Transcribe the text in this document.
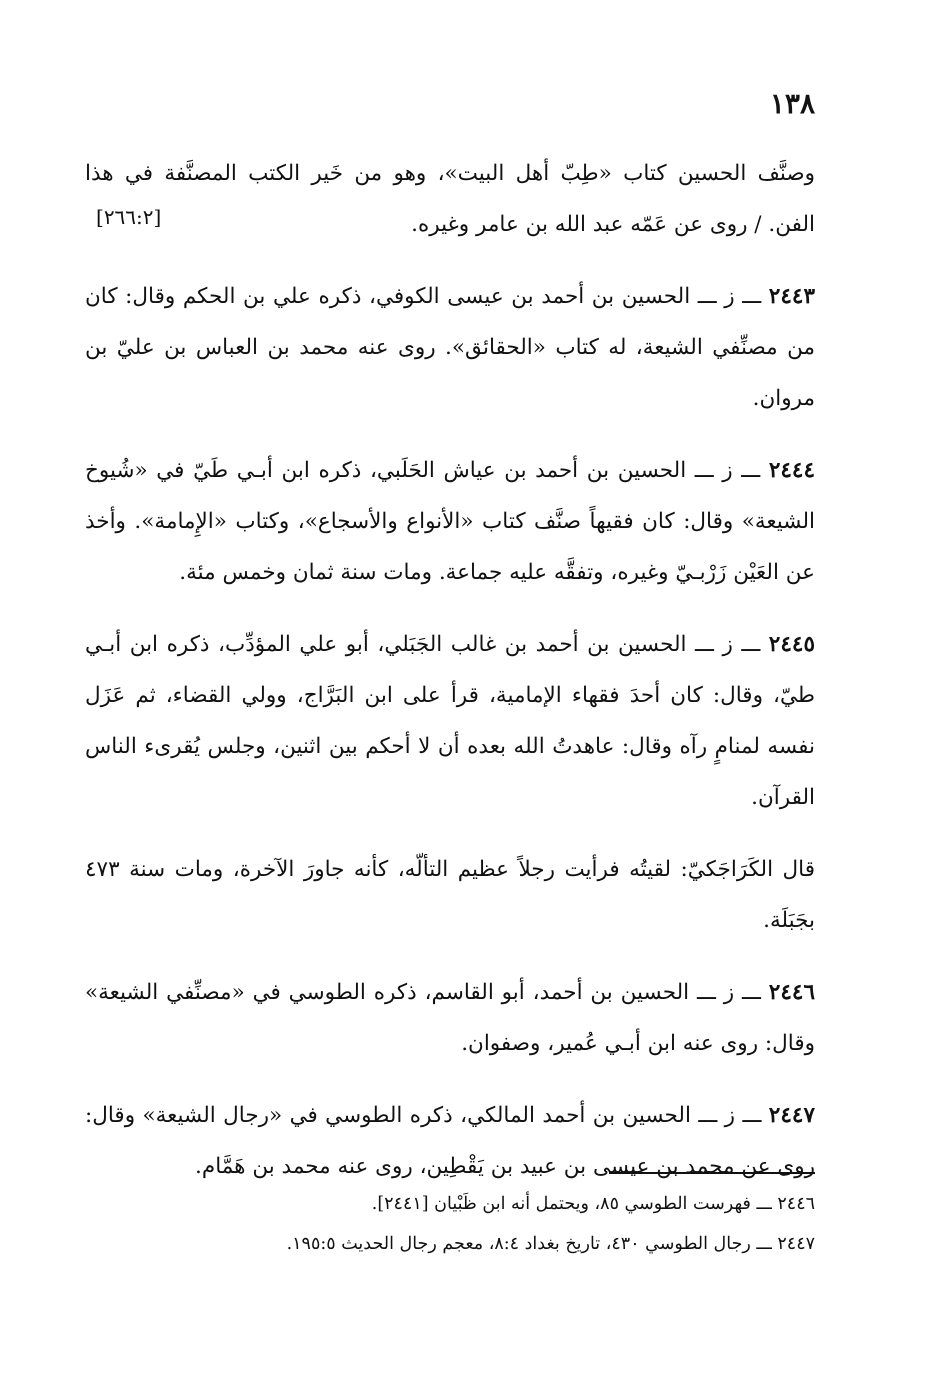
١٣٨
[٢٦٦:٢]

وصنَّف الحسين كتاب «طِبّ أهل البيت»، وهو من خَير الكتب المصنَّفة في هذا الفن. / روى عن عَمّه عبد الله بن عامر وغيره.

٢٤٤٣ ـــ ز ـــ الحسين بن أحمد بن عيسى الكوفي، ذكره علي بن الحكم وقال: كان من مصنِّفي الشيعة، له كتاب «الحقائق». روى عنه محمد بن العباس بن عليّ بن مروان.

٢٤٤٤ ـــ ز ـــ الحسين بن أحمد بن عياش الحَلَبي، ذكره ابن أبـي طَيّ في «شُيوخ الشيعة» وقال: كان فقيهاً صنَّف كتاب «الأنواع والأسجاع»، وكتاب «الإِمامة». وأخذ عن العَيْن زَرْبـيّ وغيره، وتفقَّه عليه جماعة. ومات سنة ثمان وخمس مئة.

٢٤٤٥ ـــ ز ـــ الحسين بن أحمد بن غالب الجَبَلي، أبو علي المؤدِّب، ذكره ابن أبـي طيّ، وقال: كان أحدَ فقهاء الإمامية، قرأ على ابن البَرَّاج، وولي القضاء، ثم عَزَل نفسه لمنامٍ رآه وقال: عاهدتُ الله بعده أن لا أحكم بين اثنين، وجلس يُقرىء الناس القرآن.

قال الكَرَاجَكيّ: لقيتُه فرأيت رجلاً عظيم التألّه، كأنه جاورَ الآخرة، ومات سنة ٤٧٣ بجَبَلَة.

٢٤٤٦ ـــ ز ـــ الحسين بن أحمد، أبو القاسم، ذكره الطوسي في «مصنِّفي الشيعة» وقال: روى عنه ابن أبـي عُمير، وصفوان.

٢٤٤٧ ـــ ز ـــ الحسين بن أحمد المالكي، ذكره الطوسي في «رجال الشيعة» وقال: روى عن محمد بن عيسى بن عبيد بن يَقْطِين، روى عنه محمد بن هَمَّام.

٢٤٤٦ ـــ فهرست الطوسي ٨٥، ويحتمل أنه ابن ظَبْيان [٢٤٤١].

٢٤٤٧ ـــ رجال الطوسي ٤٣٠، تاريخ بغداد ٨:٤، معجم رجال الحديث ١٩٥:٥.
